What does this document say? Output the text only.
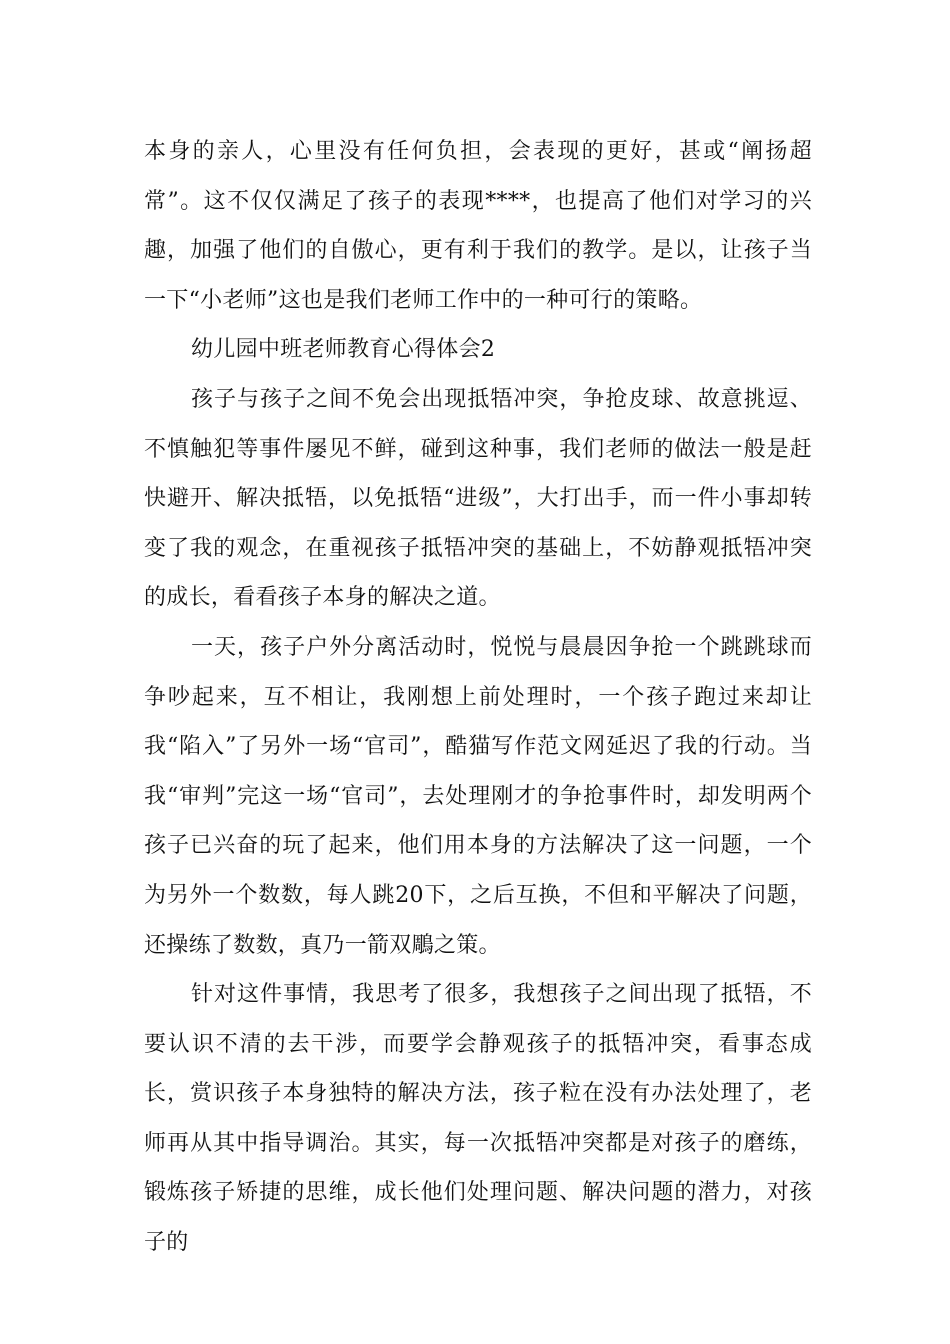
本身的亲人，心里没有任何负担，会表现的更好，甚或“阐扬超常”。这不仅仅满足了孩子的表现****，也提高了他们对学习的兴趣，加强了他们的自傲心，更有利于我们的教学。是以，让孩子当一下“小老师”这也是我们老师工作中的一种可行的策略。

幼儿园中班老师教育心得体会2

孩子与孩子之间不免会出现抵牾冲突，争抢皮球、故意挑逗、不慎触犯等事件屡见不鲜，碰到这种事，我们老师的做法一般是赶快避开、解决抵牾，以免抵牾“进级”，大打出手，而一件小事却转变了我的观念，在重视孩子抵牾冲突的基础上，不妨静观抵牾冲突的成长，看看孩子本身的解决之道。

一天，孩子户外分离活动时，悦悦与晨晨因争抢一个跳跳球而争吵起来，互不相让，我刚想上前处理时，一个孩子跑过来却让我“陷入”了另外一场“官司”，酷猫写作范文网延迟了我的行动。当我“审判”完这一场“官司”，去处理刚才的争抢事件时，却发明两个孩子已兴奋的玩了起来，他们用本身的方法解决了这一问题，一个为另外一个数数，每人跳20下，之后互换，不但和平解决了问题，还操练了数数，真乃一箭双鵰之策。

针对这件事情，我思考了很多，我想孩子之间出现了抵牾，不要认识不清的去干涉，而要学会静观孩子的抵牾冲突，看事态成长，赏识孩子本身独特的解决方法，孩子粒在没有办法处理了，老师再从其中指导调治。其实，每一次抵牾冲突都是对孩子的磨练，锻炼孩子矫捷的思维，成长他们处理问题、解决问题的潜力，对孩子的
